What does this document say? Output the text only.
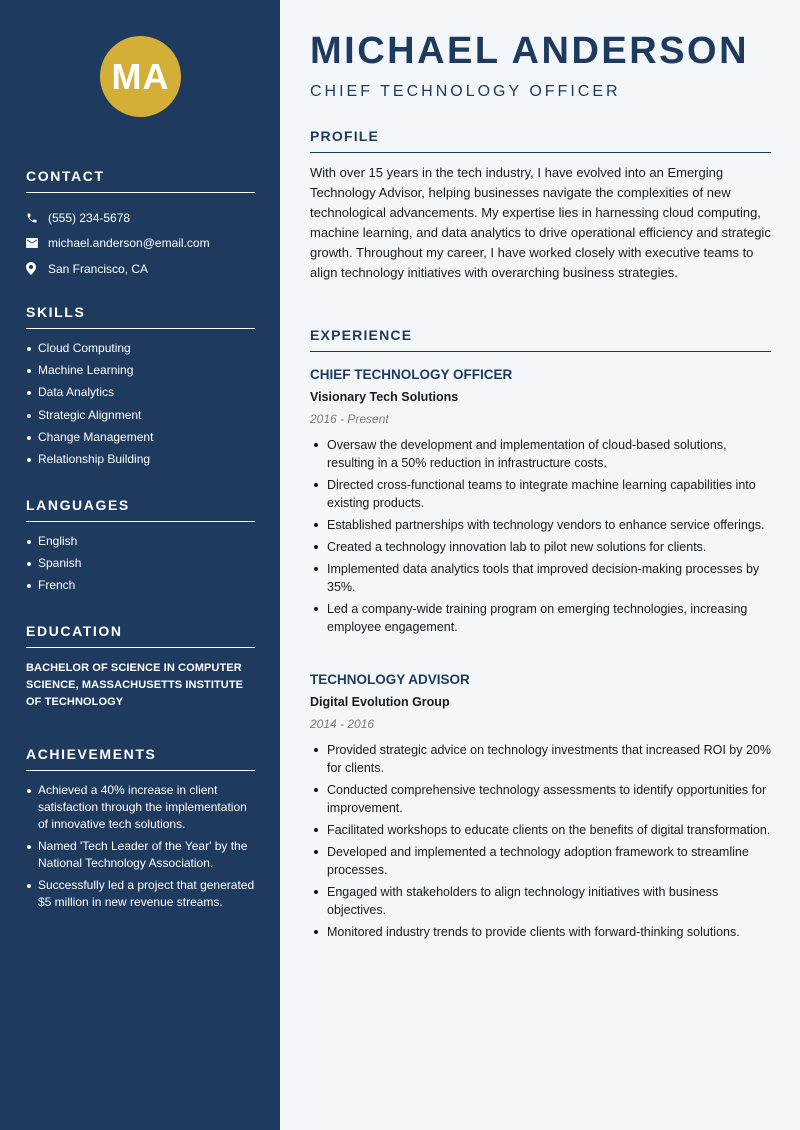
MA
CONTACT
(555) 234-5678
michael.anderson@email.com
San Francisco, CA
SKILLS
Cloud Computing
Machine Learning
Data Analytics
Strategic Alignment
Change Management
Relationship Building
LANGUAGES
English
Spanish
French
EDUCATION
BACHELOR OF SCIENCE IN COMPUTER SCIENCE, MASSACHUSETTS INSTITUTE OF TECHNOLOGY
ACHIEVEMENTS
Achieved a 40% increase in client satisfaction through the implementation of innovative tech solutions.
Named 'Tech Leader of the Year' by the National Technology Association.
Successfully led a project that generated $5 million in new revenue streams.
MICHAEL ANDERSON
CHIEF TECHNOLOGY OFFICER
PROFILE
With over 15 years in the tech industry, I have evolved into an Emerging Technology Advisor, helping businesses navigate the complexities of new technological advancements. My expertise lies in harnessing cloud computing, machine learning, and data analytics to drive operational efficiency and strategic growth. Throughout my career, I have worked closely with executive teams to align technology initiatives with overarching business strategies.
EXPERIENCE
CHIEF TECHNOLOGY OFFICER
Visionary Tech Solutions
2016 - Present
Oversaw the development and implementation of cloud-based solutions, resulting in a 50% reduction in infrastructure costs.
Directed cross-functional teams to integrate machine learning capabilities into existing products.
Established partnerships with technology vendors to enhance service offerings.
Created a technology innovation lab to pilot new solutions for clients.
Implemented data analytics tools that improved decision-making processes by 35%.
Led a company-wide training program on emerging technologies, increasing employee engagement.
TECHNOLOGY ADVISOR
Digital Evolution Group
2014 - 2016
Provided strategic advice on technology investments that increased ROI by 20% for clients.
Conducted comprehensive technology assessments to identify opportunities for improvement.
Facilitated workshops to educate clients on the benefits of digital transformation.
Developed and implemented a technology adoption framework to streamline processes.
Engaged with stakeholders to align technology initiatives with business objectives.
Monitored industry trends to provide clients with forward-thinking solutions.
